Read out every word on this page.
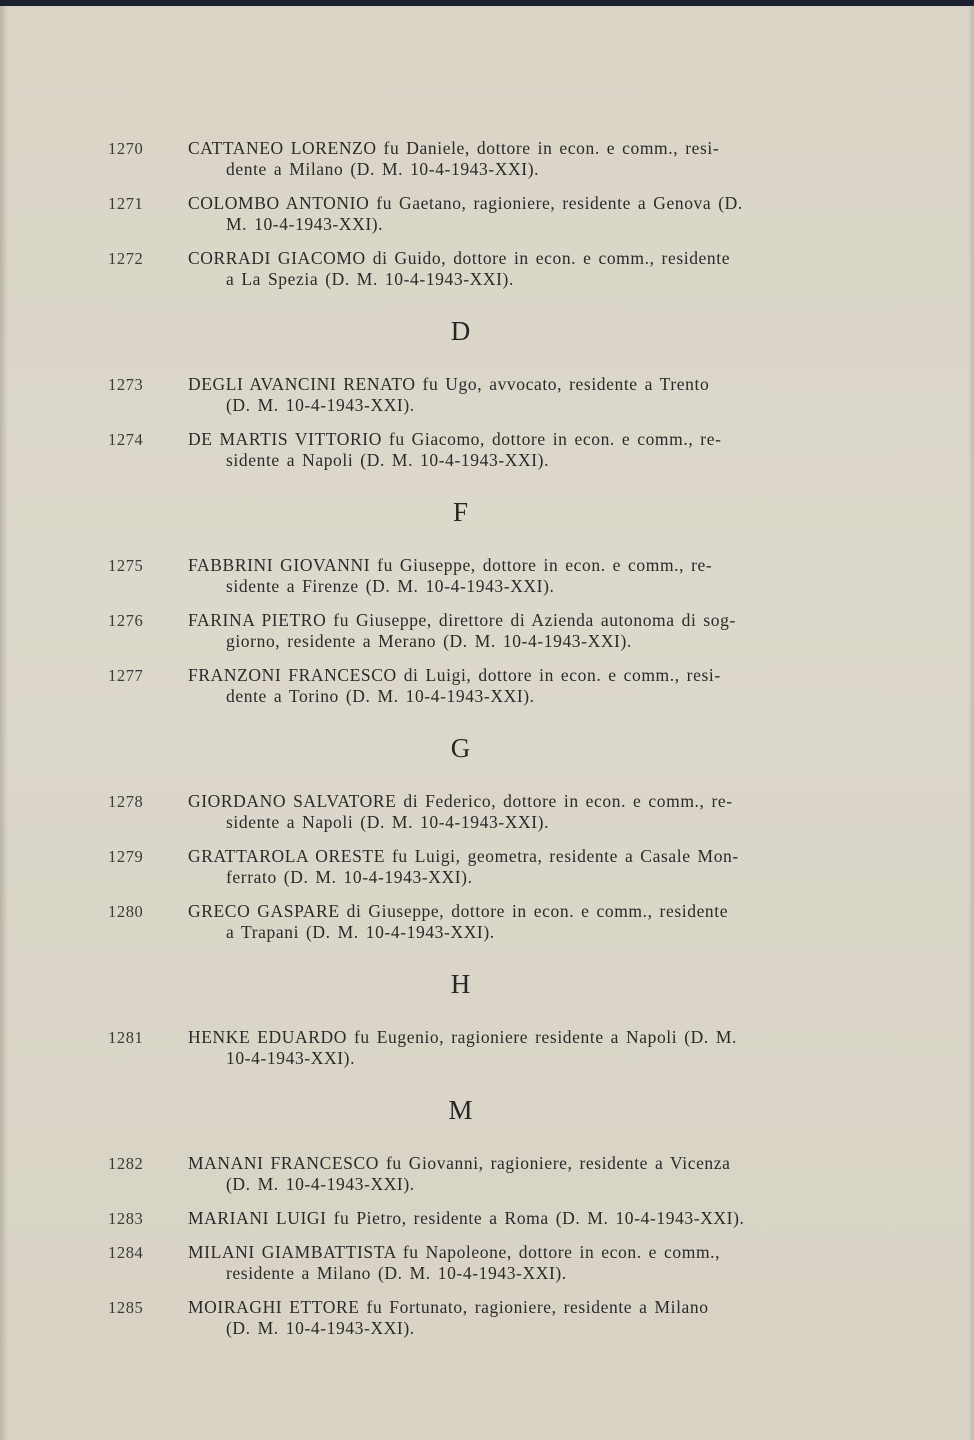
1270	CATTANEO LORENZO fu Daniele, dottore in econ. e comm., resi-
dente a Milano (D. M. 10-4-1943-XXI).
1271	COLOMBO ANTONIO fu Gaetano, ragioniere, residente a Genova (D.
M. 10-4-1943-XXI).
1272	CORRADI GIACOMO di Guido, dottore in econ. e comm., residente
a La Spezia (D. M. 10-4-1943-XXI).
D
1273	DEGLI AVANCINI RENATO fu Ugo, avvocato, residente a Trento
(D. M. 10-4-1943-XXI).
1274	DE MARTIS VITTORIO fu Giacomo, dottore in econ. e comm., re-
sidente a Napoli (D. M. 10-4-1943-XXI).
F
1275	FABBRINI GIOVANNI fu Giuseppe, dottore in econ. e comm., re-
sidente a Firenze (D. M. 10-4-1943-XXI).
1276	FARINA PIETRO fu Giuseppe, direttore di Azienda autonoma di sog-
giorno, residente a Merano (D. M. 10-4-1943-XXI).
1277	FRANZONI FRANCESCO di Luigi, dottore in econ. e comm., resi-
dente a Torino (D. M. 10-4-1943-XXI).
G
1278	GIORDANO SALVATORE di Federico, dottore in econ. e comm., re-
sidente a Napoli (D. M. 10-4-1943-XXI).
1279	GRATTAROLA ORESTE fu Luigi, geometra, residente a Casale Mon-
ferrato (D. M. 10-4-1943-XXI).
1280	GRECO GASPARE di Giuseppe, dottore in econ. e comm., residente
a Trapani (D. M. 10-4-1943-XXI).
H
1281	HENKE EDUARDO fu Eugenio, ragioniere residente a Napoli (D. M.
10-4-1943-XXI).
M
1282	MANANI FRANCESCO fu Giovanni, ragioniere, residente a Vicenza
(D. M. 10-4-1943-XXI).
1283	MARIANI LUIGI fu Pietro, residente a Roma (D. M. 10-4-1943-XXI).
1284	MILANI GIAMBATTISTA fu Napoleone, dottore in econ. e comm.,
residente a Milano (D. M. 10-4-1943-XXI).
1285	MOIRAGHI ETTORE fu Fortunato, ragioniere, residente a Milano
(D. M. 10-4-1943-XXI).
